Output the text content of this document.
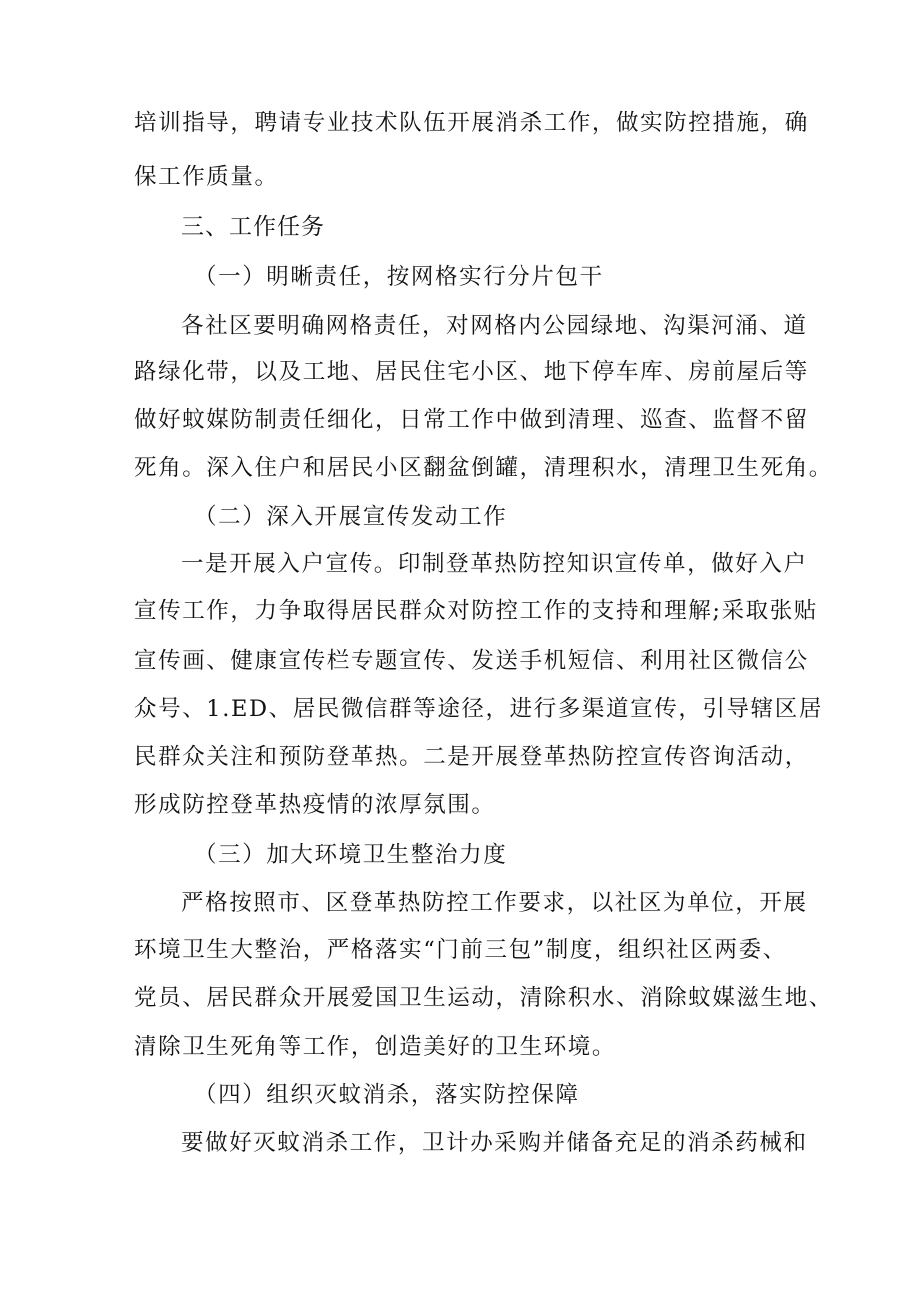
培训指导，聘请专业技术队伍开展消杀工作，做实防控措施，确
保工作质量。
三、工作任务
（一）明晰责任，按网格实行分片包干
各社区要明确网格责任，对网格内公园绿地、沟渠河涌、道
路绿化带，以及工地、居民住宅小区、地下停车库、房前屋后等
做好蚊媒防制责任细化，日常工作中做到清理、巡查、监督不留
死角。深入住户和居民小区翻盆倒罐，清理积水，清理卫生死角。
（二）深入开展宣传发动工作
一是开展入户宣传。印制登革热防控知识宣传单，做好入户
宣传工作，力争取得居民群众对防控工作的支持和理解;采取张贴
宣传画、健康宣传栏专题宣传、发送手机短信、利用社区微信公
众号、1.ED、居民微信群等途径，进行多渠道宣传，引导辖区居
民群众关注和预防登革热。二是开展登革热防控宣传咨询活动，
形成防控登革热疫情的浓厚氛围。
（三）加大环境卫生整治力度
严格按照市、区登革热防控工作要求，以社区为单位，开展
环境卫生大整治，严格落实“门前三包”制度，组织社区两委、
党员、居民群众开展爱国卫生运动，清除积水、消除蚊媒滋生地、
清除卫生死角等工作，创造美好的卫生环境。
（四）组织灭蚊消杀，落实防控保障
要做好灭蚊消杀工作，卫计办采购并储备充足的消杀药械和
